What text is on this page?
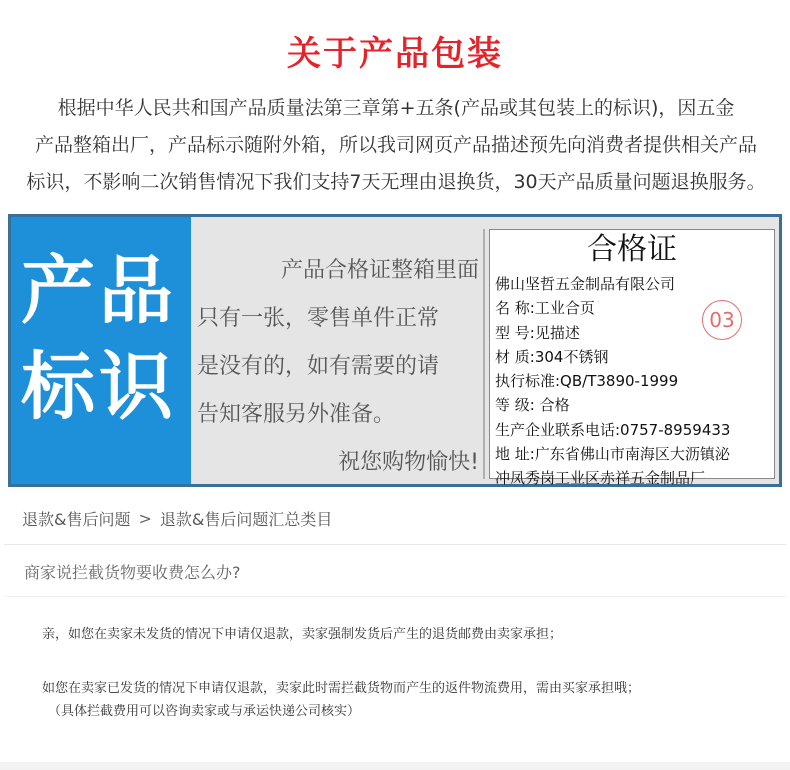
关于产品包装
根据中华人民共和国产品质量法第三章第+五条(产品或其包装上的标识)，因五金
产品整箱出厂，产品标示随附外箱，所以我司网页产品描述预先向消费者提供相关产品
标识，不影响二次销售情况下我们支持7天无理由退换货，30天产品质量问题退换服务。
产品
标识
产品合格证整箱里面
只有一张，零售单件正常
是没有的，如有需要的请
告知客服另外准备。
祝您购物愉快!
合格证
03
佛山坚哲五金制品有限公司
名 称:工业合页
型 号:见描述
材 质:304不锈钢
执行标准:QB/T3890-1999
等 级: 合格
生产企业联系电话:0757-8959433
地 址:广东省佛山市南海区大沥镇泌
冲凤秀岗工业区赤祥五金制品厂
退款&售后问题 > 退款&售后问题汇总类目
商家说拦截货物要收费怎么办?
亲，如您在卖家未发货的情况下申请仅退款，卖家强制发货后产生的退货邮费由卖家承担；
如您在卖家已发货的情况下申请仅退款，卖家此时需拦截货物而产生的返件物流费用，需由买家承担哦；
（具体拦截费用可以咨询卖家或与承运快递公司核实）
